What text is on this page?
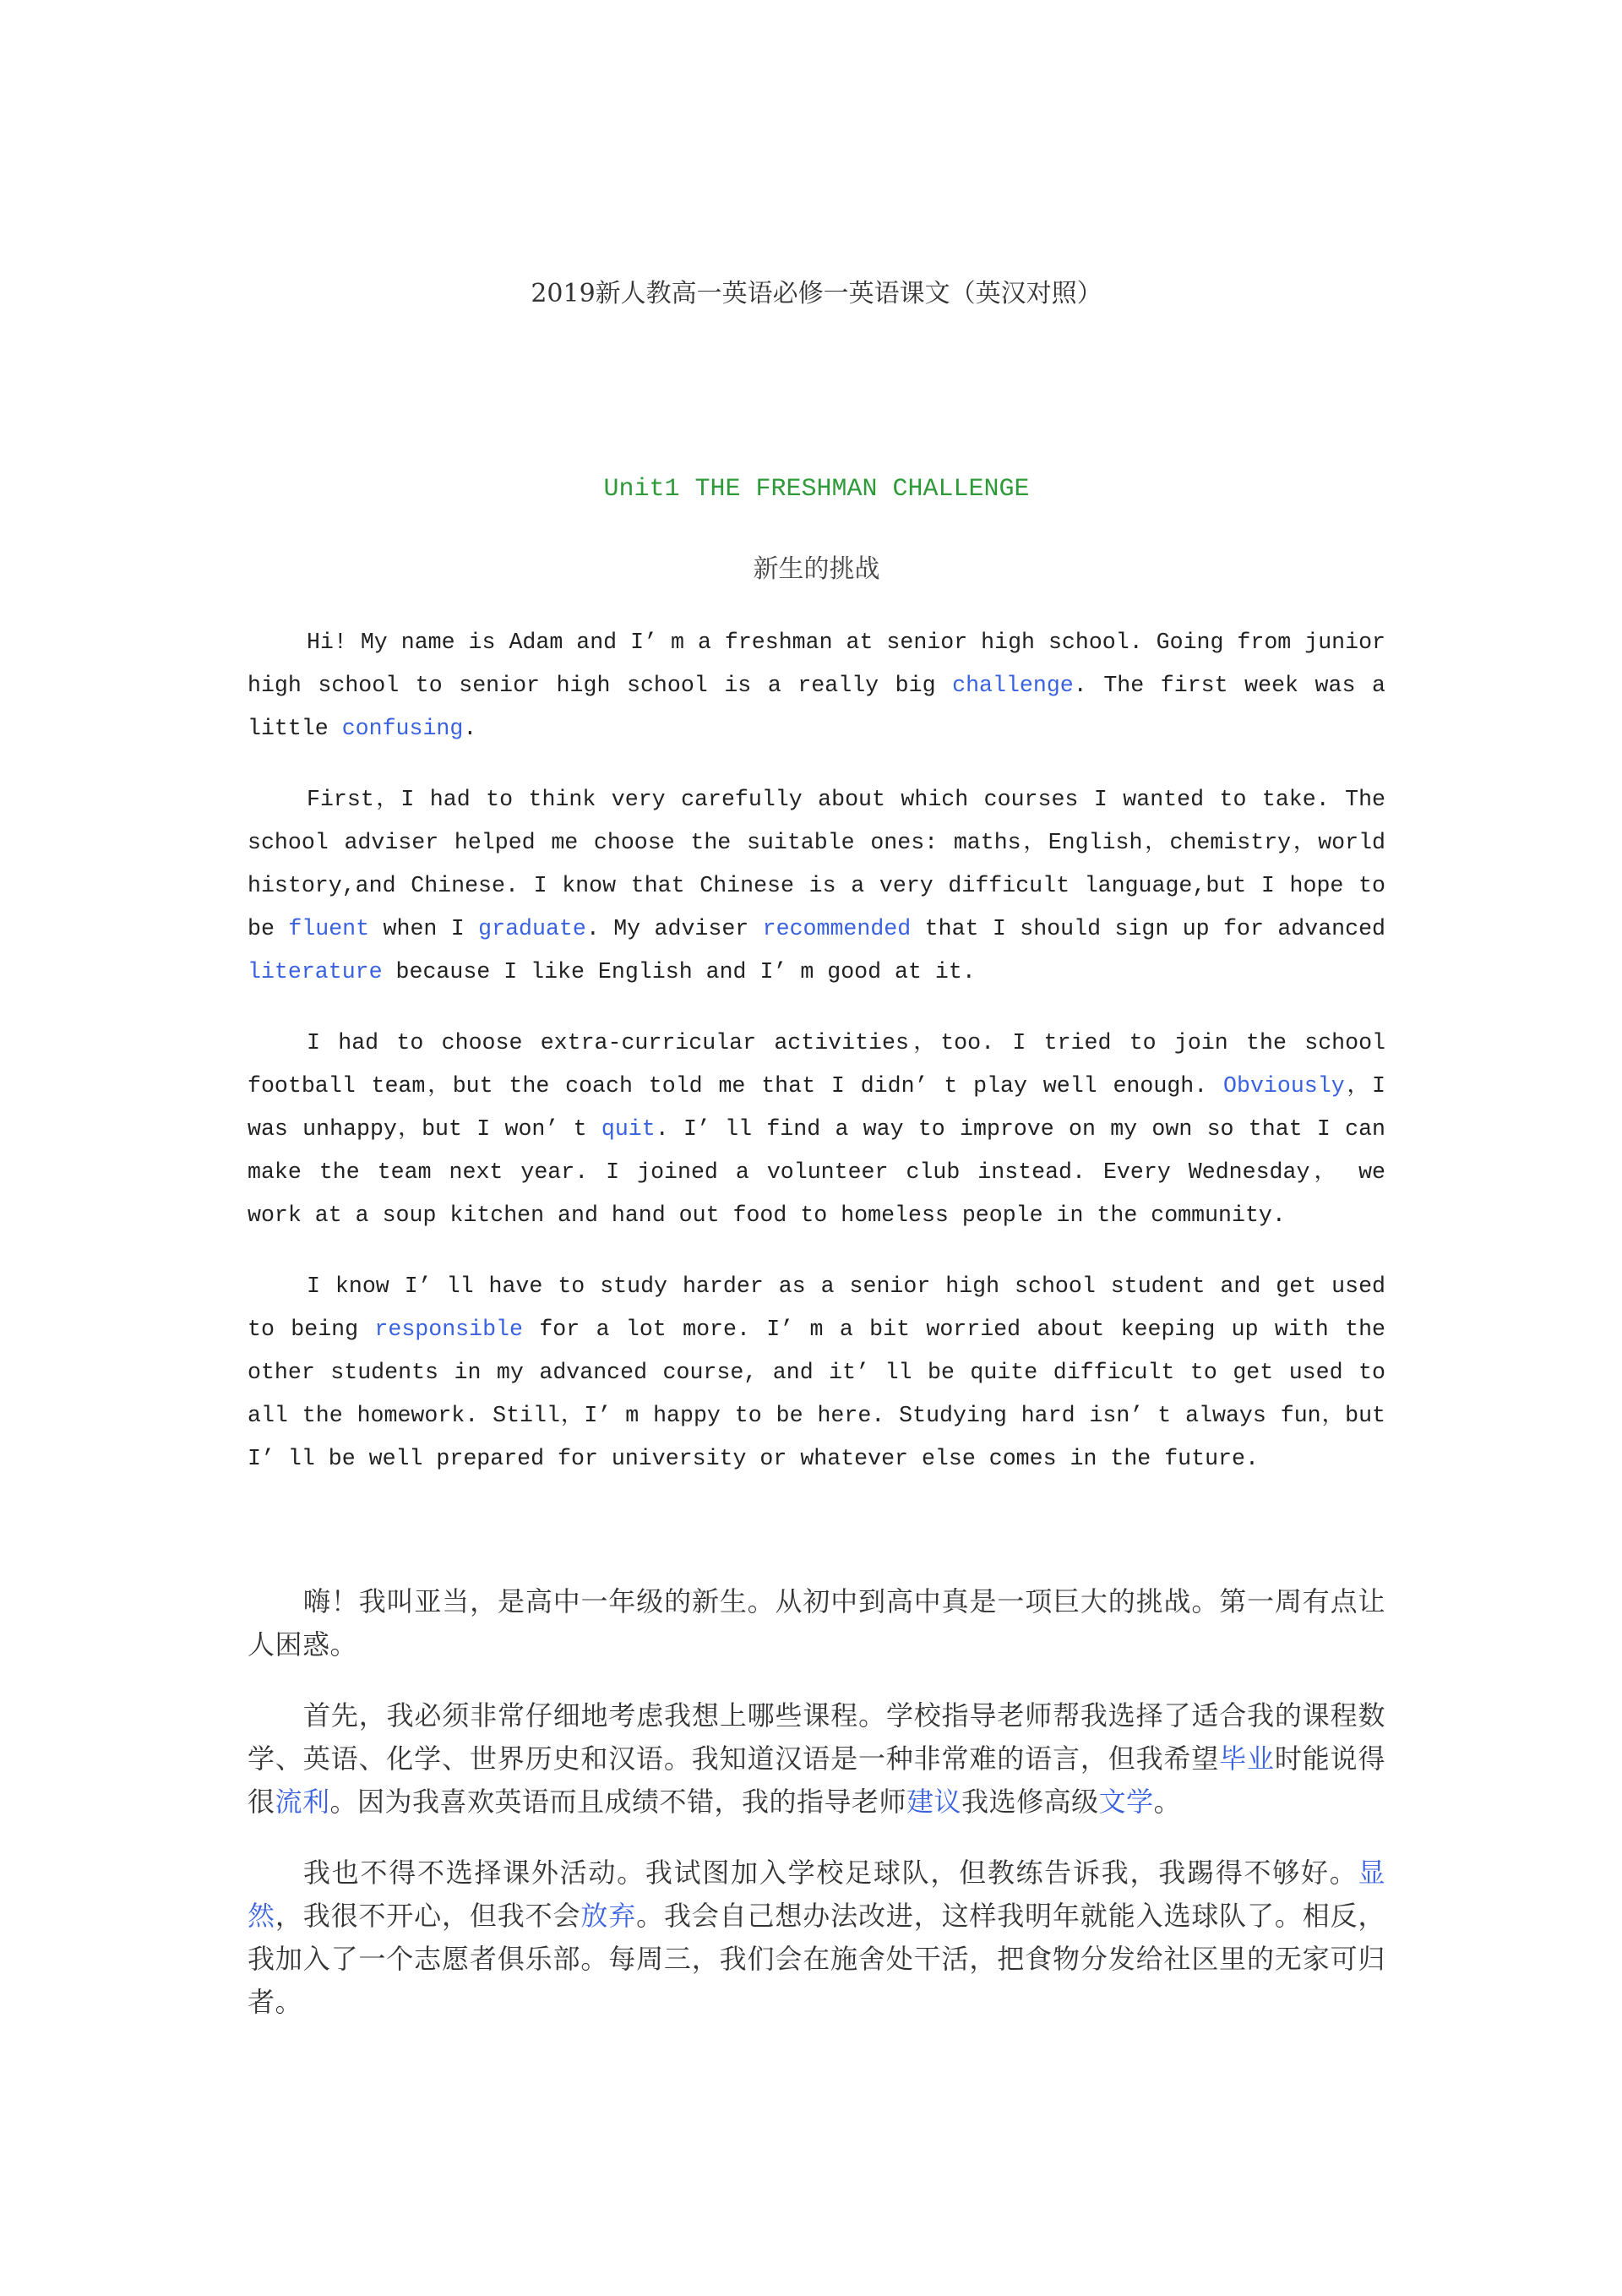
2019新人教高一英语必修一英语课文（英汉对照）
Unit1 THE FRESHMAN CHALLENGE
新生的挑战

Hi! My name is Adam and I’ m a freshman at senior high school. Going from junior high school to senior high school is a really big challenge. The first week was a little confusing.

First，I had to think very carefully about which courses I wanted to take. The school adviser helped me choose the suitable ones: maths，English，chemistry，world history,and Chinese. I know that Chinese is a very difficult language,but I hope to be fluent when I graduate. My adviser recommended that I should sign up for advanced literature because I like English and I’ m good at it.

I had to choose extra-curricular activities，too. I tried to join the school football team，but the coach told me that I didn’ t play well enough. Obviously，I was unhappy，but I won’ t quit. I’ ll find a way to improve on my own so that I can make the team next year. I joined a volunteer club instead. Every Wednesday， we work at a soup kitchen and hand out food to homeless people in the community.

I know I’ ll have to study harder as a senior high school student and get used to being responsible for a lot more. I’ m a bit worried about keeping up with the other students in my advanced course, and it’ ll be quite difficult to get used to all the homework. Still，I’ m happy to be here. Studying hard isn’ t always fun，but I’ ll be well prepared for university or whatever else comes in the future.

嗨！我叫亚当，是高中一年级的新生。从初中到高中真是一项巨大的挑战。第一周有点让人困惑。

首先，我必须非常仔细地考虑我想上哪些课程。学校指导老师帮我选择了适合我的课程数学、英语、化学、世界历史和汉语。我知道汉语是一种非常难的语言，但我希望毕业时能说得很流利。因为我喜欢英语而且成绩不错，我的指导老师建议我选修高级文学。

我也不得不选择课外活动。我试图加入学校足球队，但教练告诉我，我踢得不够好。显然，我很不开心，但我不会放弃。我会自己想办法改进，这样我明年就能入选球队了。相反，我加入了一个志愿者俱乐部。每周三，我们会在施舍处干活，把食物分发给社区里的无家可归者。
